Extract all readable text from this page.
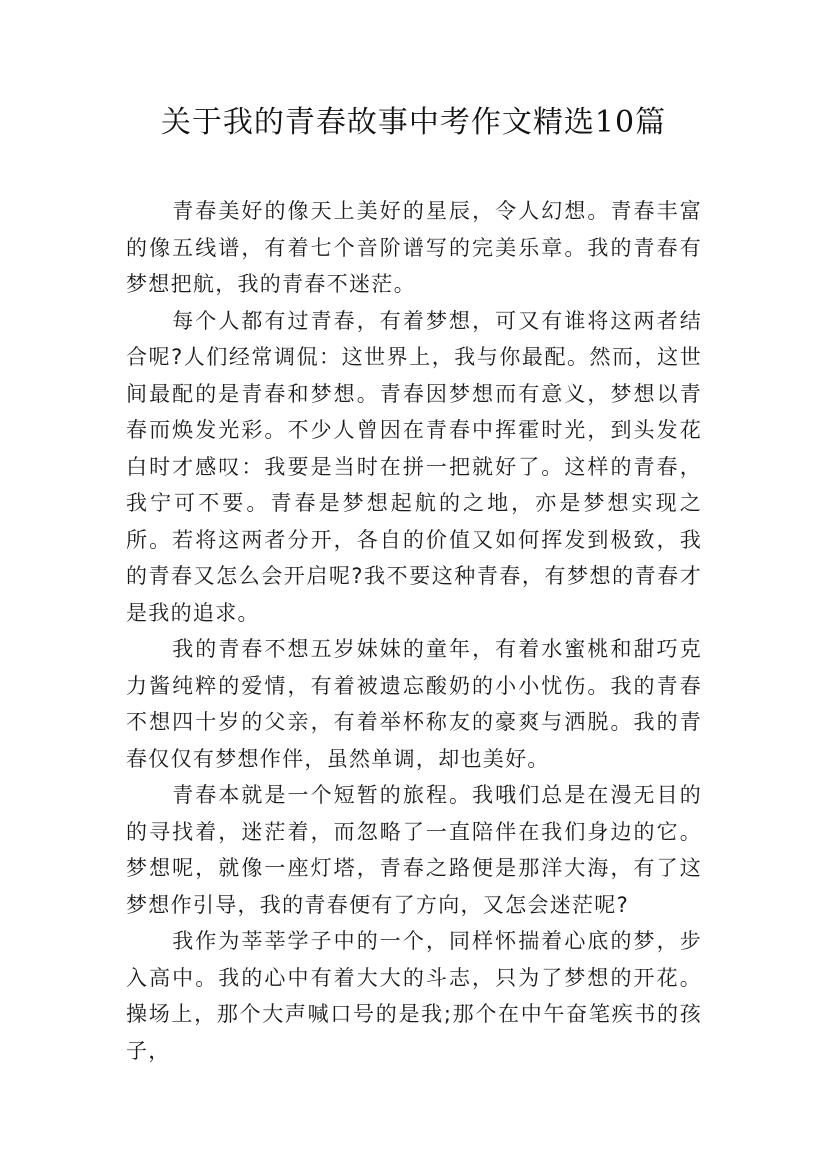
关于我的青春故事中考作文精选10篇

青春美好的像天上美好的星辰，令人幻想。青春丰富的像五线谱，有着七个音阶谱写的完美乐章。我的青春有梦想把航，我的青春不迷茫。

每个人都有过青春，有着梦想，可又有谁将这两者结合呢?人们经常调侃：这世界上，我与你最配。然而，这世间最配的是青春和梦想。青春因梦想而有意义，梦想以青春而焕发光彩。不少人曾因在青春中挥霍时光，到头发花白时才感叹：我要是当时在拼一把就好了。这样的青春，我宁可不要。青春是梦想起航的之地，亦是梦想实现之所。若将这两者分开，各自的价值又如何挥发到极致，我的青春又怎么会开启呢?我不要这种青春，有梦想的青春才是我的追求。

我的青春不想五岁妹妹的童年，有着水蜜桃和甜巧克力酱纯粹的爱情，有着被遗忘酸奶的小小忧伤。我的青春不想四十岁的父亲，有着举杯称友的豪爽与洒脱。我的青春仅仅有梦想作伴，虽然单调，却也美好。

青春本就是一个短暂的旅程。我哦们总是在漫无目的的寻找着，迷茫着，而忽略了一直陪伴在我们身边的它。梦想呢，就像一座灯塔，青春之路便是那洋大海，有了这梦想作引导，我的青春便有了方向，又怎会迷茫呢?

我作为莘莘学子中的一个，同样怀揣着心底的梦，步入高中。我的心中有着大大的斗志，只为了梦想的开花。操场上，那个大声喊口号的是我;那个在中午奋笔疾书的孩子，
